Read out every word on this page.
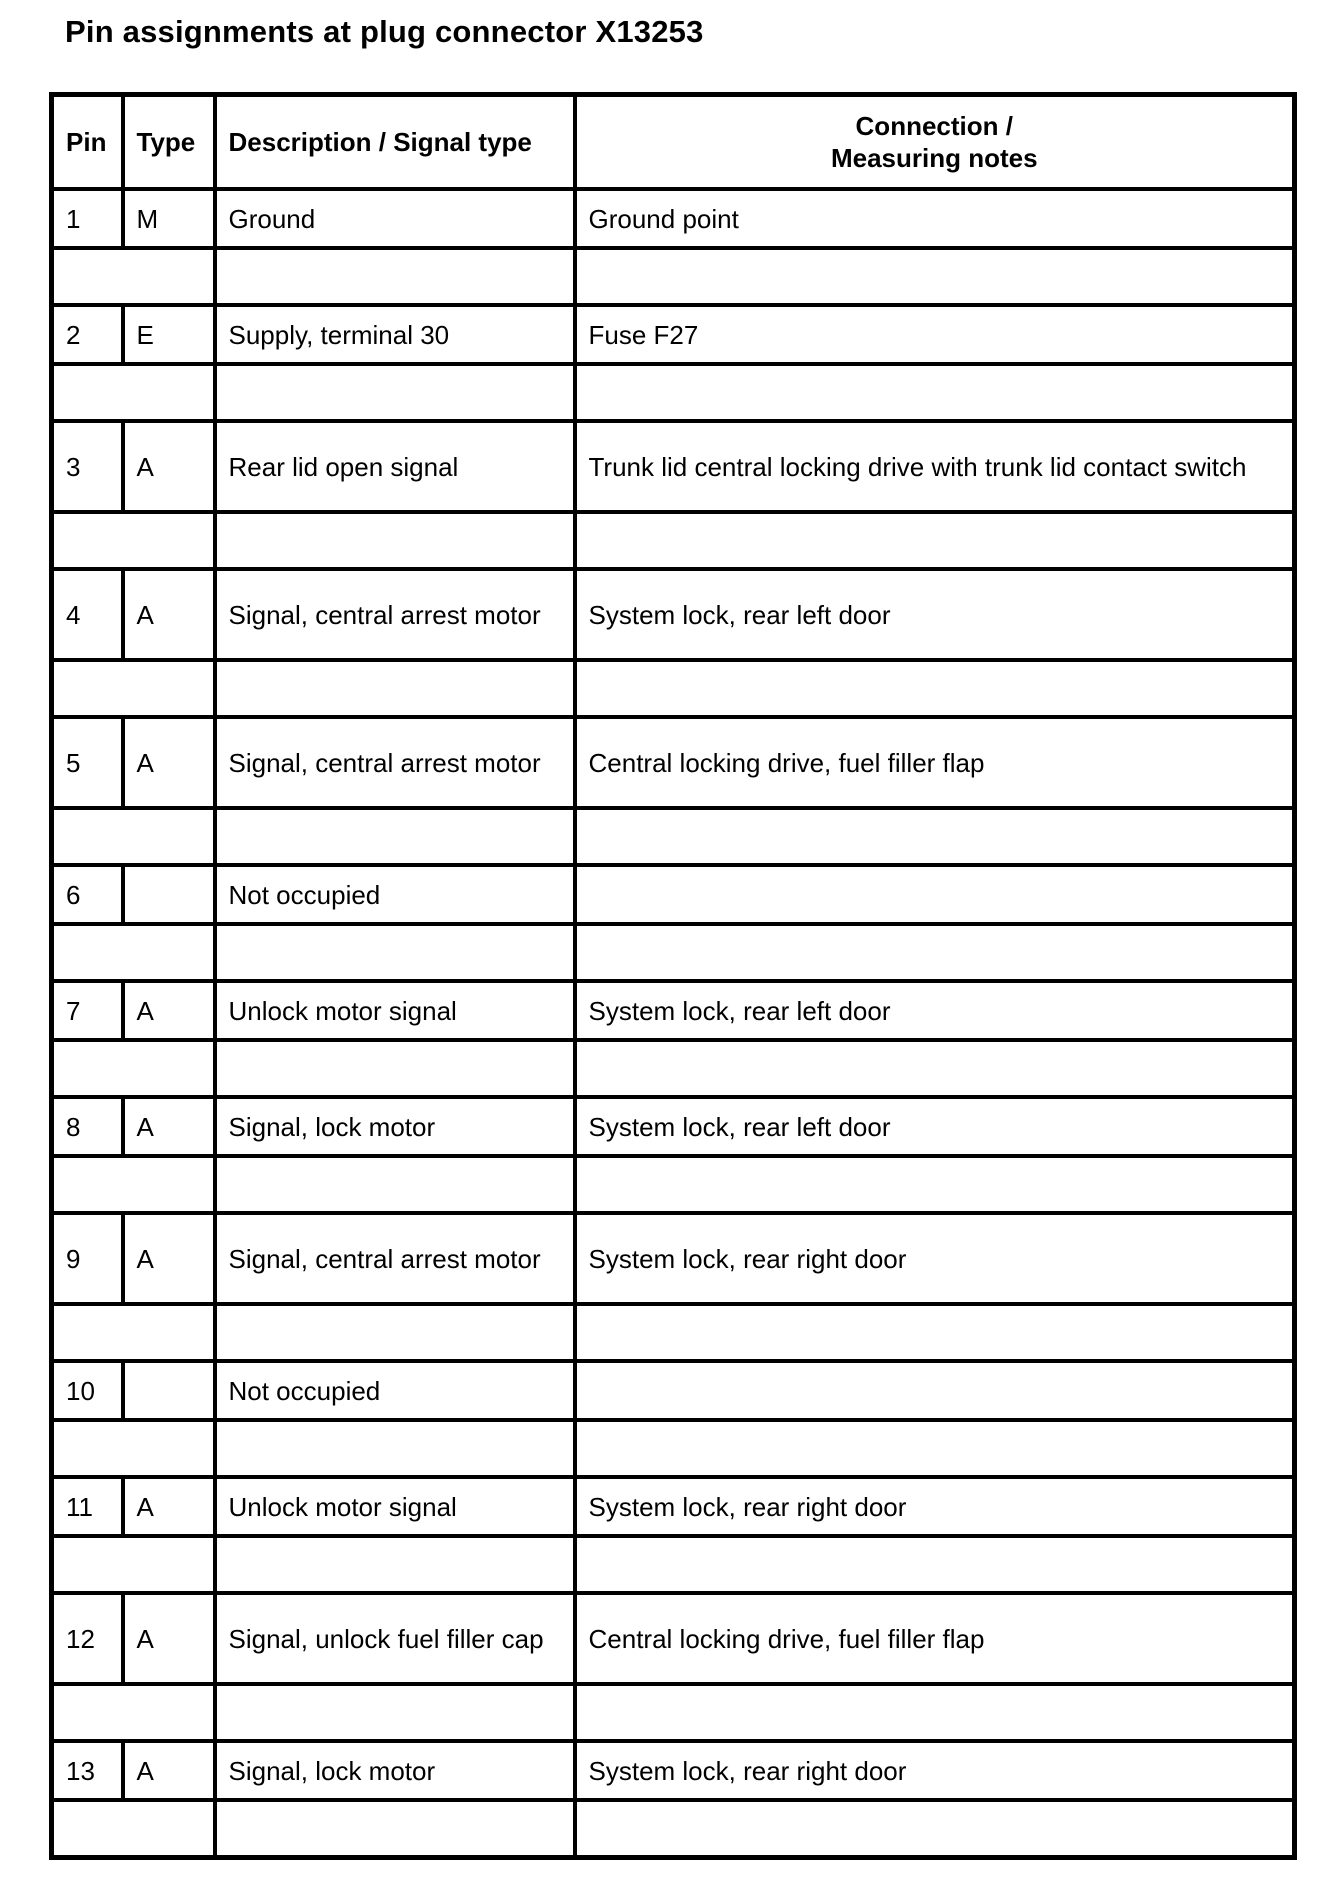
Pin assignments at plug connector X13253
Pin	Type	Description / Signal type	Connection /
Measuring notes

1	M	Ground	Ground point

2	E	Supply, terminal 30	Fuse F27

3	A	Rear lid open signal	Trunk lid central locking drive with trunk lid contact switch

4	A	Signal, central arrest motor	System lock, rear left door

5	A	Signal, central arrest motor	Central locking drive, fuel filler flap

6		Not occupied	

7	A	Unlock motor signal	System lock, rear left door

8	A	Signal, lock motor	System lock, rear left door

9	A	Signal, central arrest motor	System lock, rear right door

10		Not occupied	

11	A	Unlock motor signal	System lock, rear right door

12	A	Signal, unlock fuel filler cap	Central locking drive, fuel filler flap

13	A	Signal, lock motor	System lock, rear right door
